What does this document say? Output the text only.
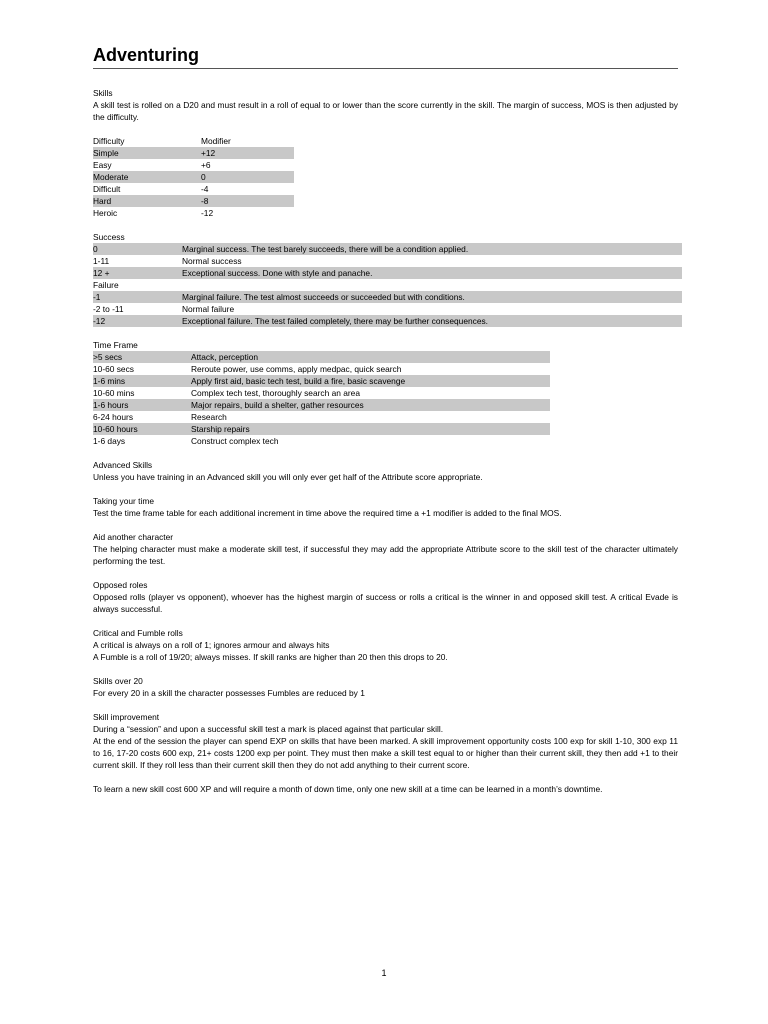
Adventuring

Skills

A skill test is rolled on a D20 and must result in a roll of equal to or lower than the score currently in the skill. The margin of success, MOS is then adjusted by the difficulty.

Difficulty	Modifier
Simple	+12
Easy	+6
Moderate	0
Difficult	-4
Hard	-8
Heroic	-12

Success

0	Marginal success. The test barely succeeds, there will be a condition applied.
1-11	Normal success
12 +	Exceptional success. Done with style and panache.

Failure

-1	Marginal failure. The test almost succeeds or succeeded but with conditions.
-2 to -11	Normal failure
-12	Exceptional failure. The test failed completely, there may be further consequences.

Time Frame

>5 secs	Attack, perception
10-60 secs	Reroute power, use comms, apply medpac, quick search
1-6 mins	Apply first aid, basic tech test, build a fire, basic scavenge
10-60 mins	Complex tech test, thoroughly search an area
1-6 hours	Major repairs, build a shelter, gather resources
6-24 hours	Research
10-60 hours	Starship repairs
1-6 days	Construct complex tech

Advanced Skills

Unless you have training in an Advanced skill you will only ever get half of the Attribute score appropriate.

Taking your time

Test the time frame table for each additional increment in time above the required time a +1 modifier is added to the final MOS.

Aid another character

The helping character must make a moderate skill test, if successful they may add the appropriate Attribute score to the skill test of the character ultimately performing the test.

Opposed roles

Opposed rolls (player vs opponent), whoever has the highest margin of success or rolls a critical is the winner in and opposed skill test. A critical Evade is always successful.

Critical and Fumble rolls

A critical is always on a roll of 1; ignores armour and always hits

A Fumble is a roll of 19/20; always misses. If skill ranks are higher than 20 then this drops to 20.

Skills over 20

For every 20 in a skill the character possesses Fumbles are reduced by 1

Skill improvement

During a “session” and upon a successful skill test a mark is placed against that particular skill.

At the end of the session the player can spend EXP on skills that have been marked. A skill improvement opportunity costs 100 exp for skill 1-10, 300 exp 11 to 16, 17-20 costs 600 exp, 21+ costs 1200 exp per point. They must then make a skill test equal to or higher than their current skill, they then add +1 to their current skill. If they roll less than their current skill then they do not add anything to their current score.

To learn a new skill cost 600 XP and will require a month of down time, only one new skill at a time can be learned in a month’s downtime.

1
